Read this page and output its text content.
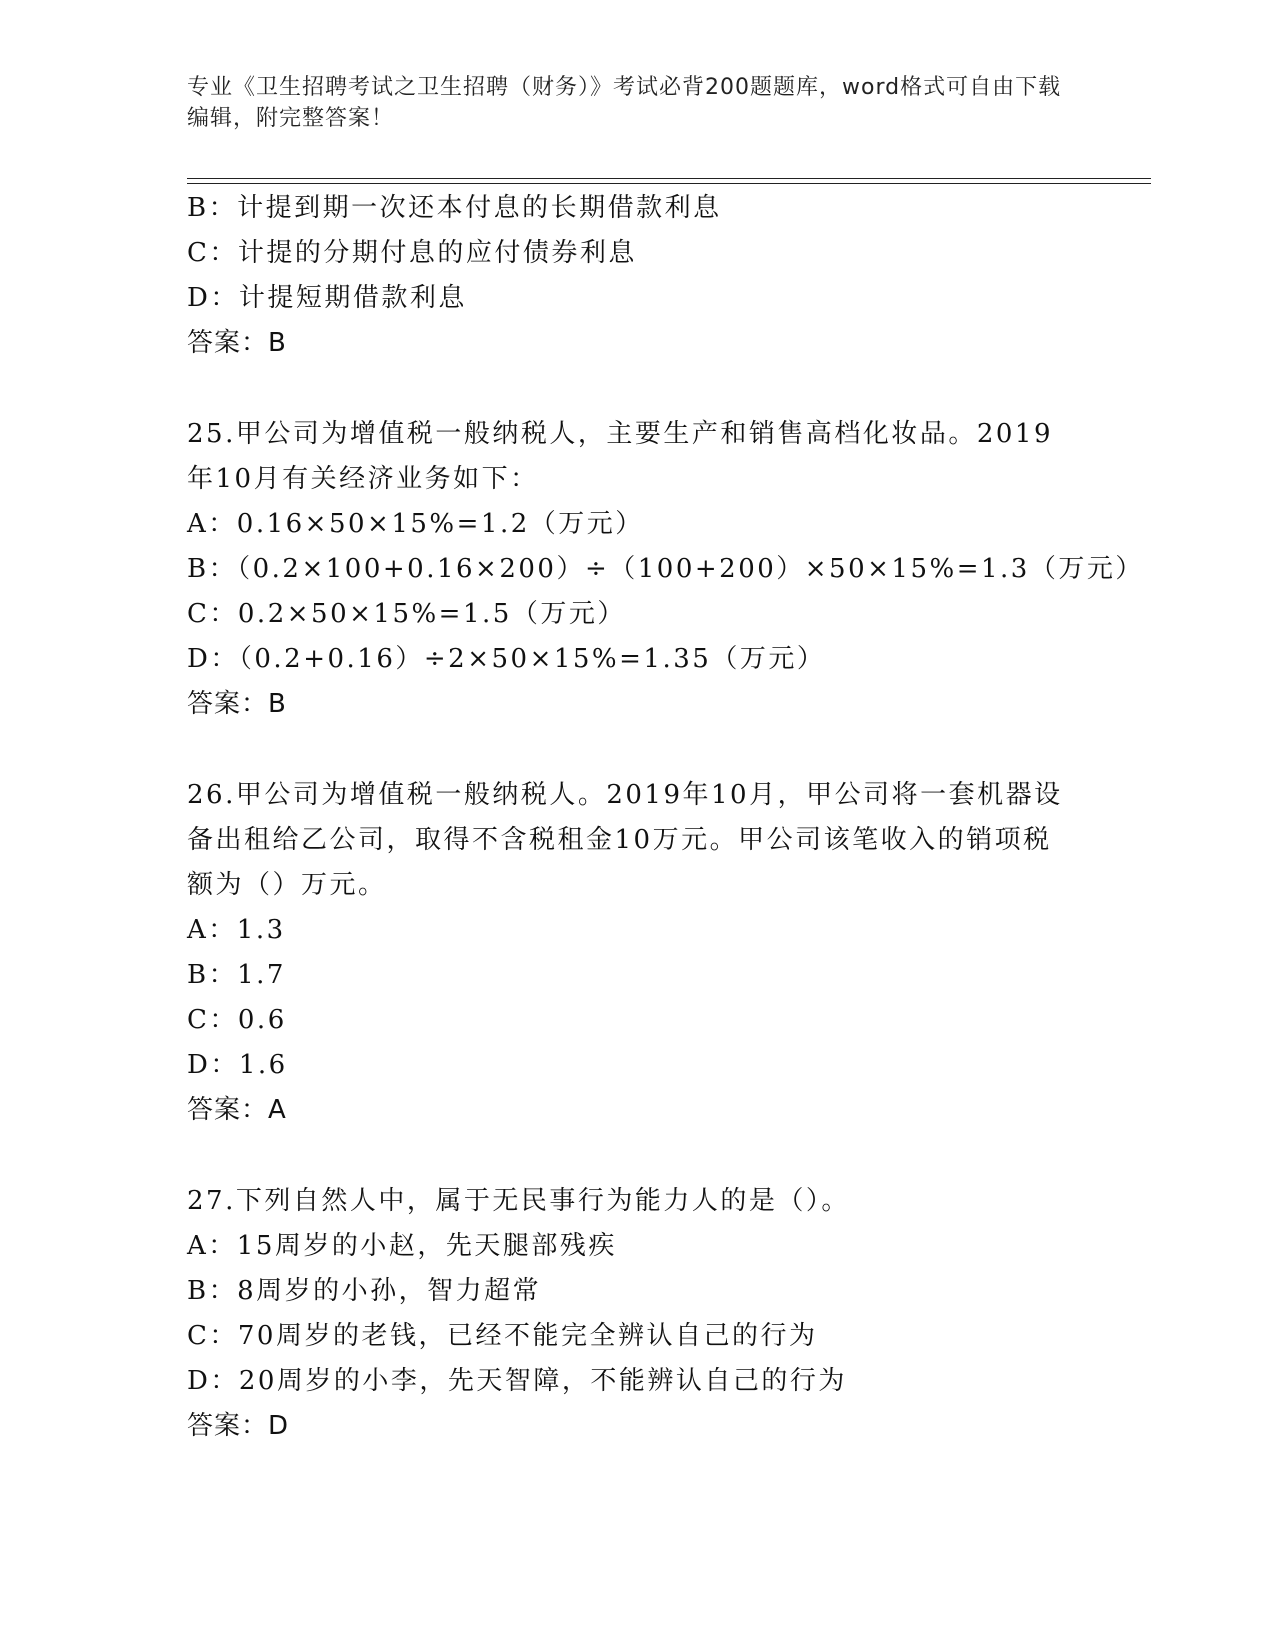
专业《卫生招聘考试之卫生招聘（财务）》考试必背200题题库，word格式可自由下载编辑，附完整答案！
B：计提到期一次还本付息的长期借款利息
C：计提的分期付息的应付债券利息
D：计提短期借款利息
答案：B
25.甲公司为增值税一般纳税人，主要生产和销售高档化妆品。2019
年10月有关经济业务如下：
A：0.16×50×15%=1.2（万元）
B：（0.2×100+0.16×200）÷（100+200）×50×15%=1.3（万元）
C：0.2×50×15%=1.5（万元）
D：（0.2+0.16）÷2×50×15%=1.35（万元）
答案：B
26.甲公司为增值税一般纳税人。2019年10月，甲公司将一套机器设
备出租给乙公司，取得不含税租金10万元。甲公司该笔收入的销项税
额为（）万元。
A：1.3
B：1.7
C：0.6
D：1.6
答案：A
27.下列自然人中，属于无民事行为能力人的是（）。
A：15周岁的小赵，先天腿部残疾
B：8周岁的小孙，智力超常
C：70周岁的老钱，已经不能完全辨认自己的行为
D：20周岁的小李，先天智障，不能辨认自己的行为
答案：D
